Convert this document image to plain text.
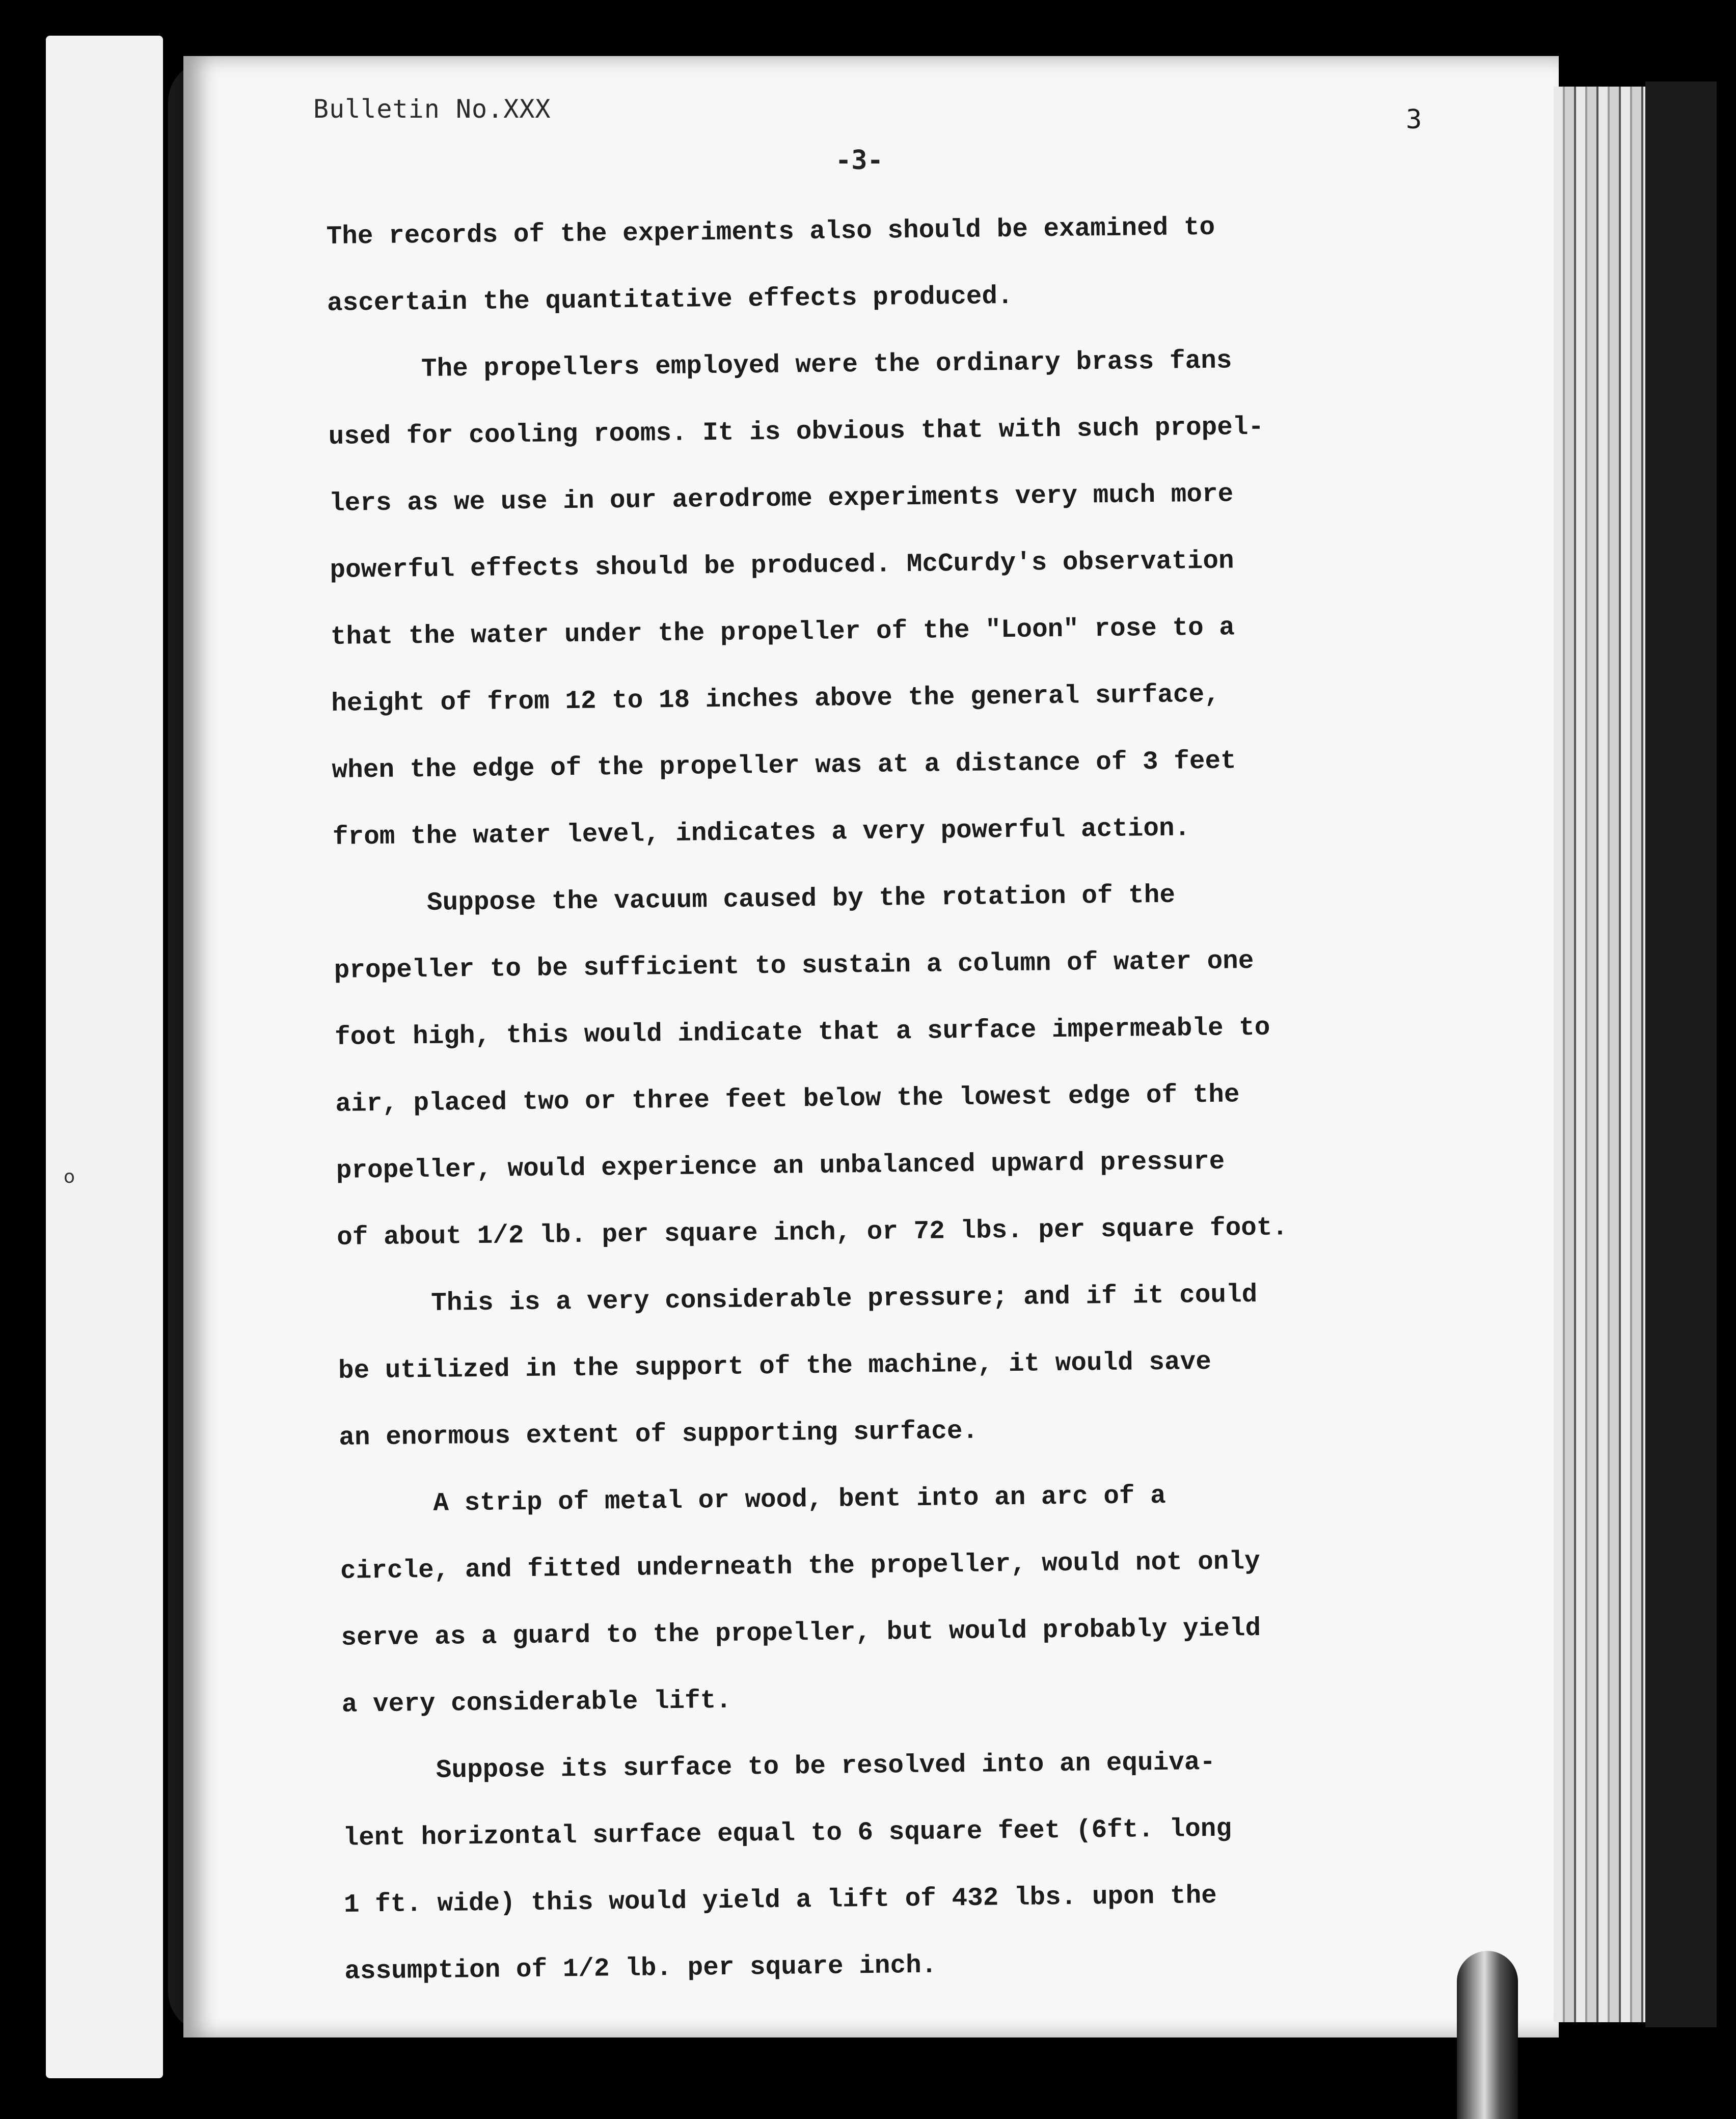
o
Bulletin No.XXX	3
-3-

The records of the experiments also should be examined to

ascertain the quantitative effects produced.

The propellers employed were the ordinary brass fans

used for cooling rooms. It is obvious that with such propel-

lers as we use in our aerodrome experiments very much more

powerful effects should be produced. McCurdy's observation

that the water under the propeller of the "Loon" rose to a

height of from 12 to 18 inches above the general surface,

when the edge of the propeller was at a distance of 3 feet

from the water level, indicates a very powerful action.

Suppose the vacuum caused by the rotation of the

propeller to be sufficient to sustain a column of water one

foot high, this would indicate that a surface impermeable to

air, placed two or three feet below the lowest edge of the

propeller, would experience an unbalanced upward pressure

of about 1/2 lb. per square inch, or 72 lbs. per square foot.

This is a very considerable pressure; and if it could

be utilized in the support of the machine, it would save

an enormous extent of supporting surface.

A strip of metal or wood, bent into an arc of a

circle, and fitted underneath the propeller, would not only

serve as a guard to the propeller, but would probably yield

a very considerable lift.

Suppose its surface to be resolved into an equiva-

lent horizontal surface equal to 6 square feet (6ft. long

1 ft. wide) this would yield a lift of 432 lbs. upon the

assumption of 1/2 lb. per square inch.
